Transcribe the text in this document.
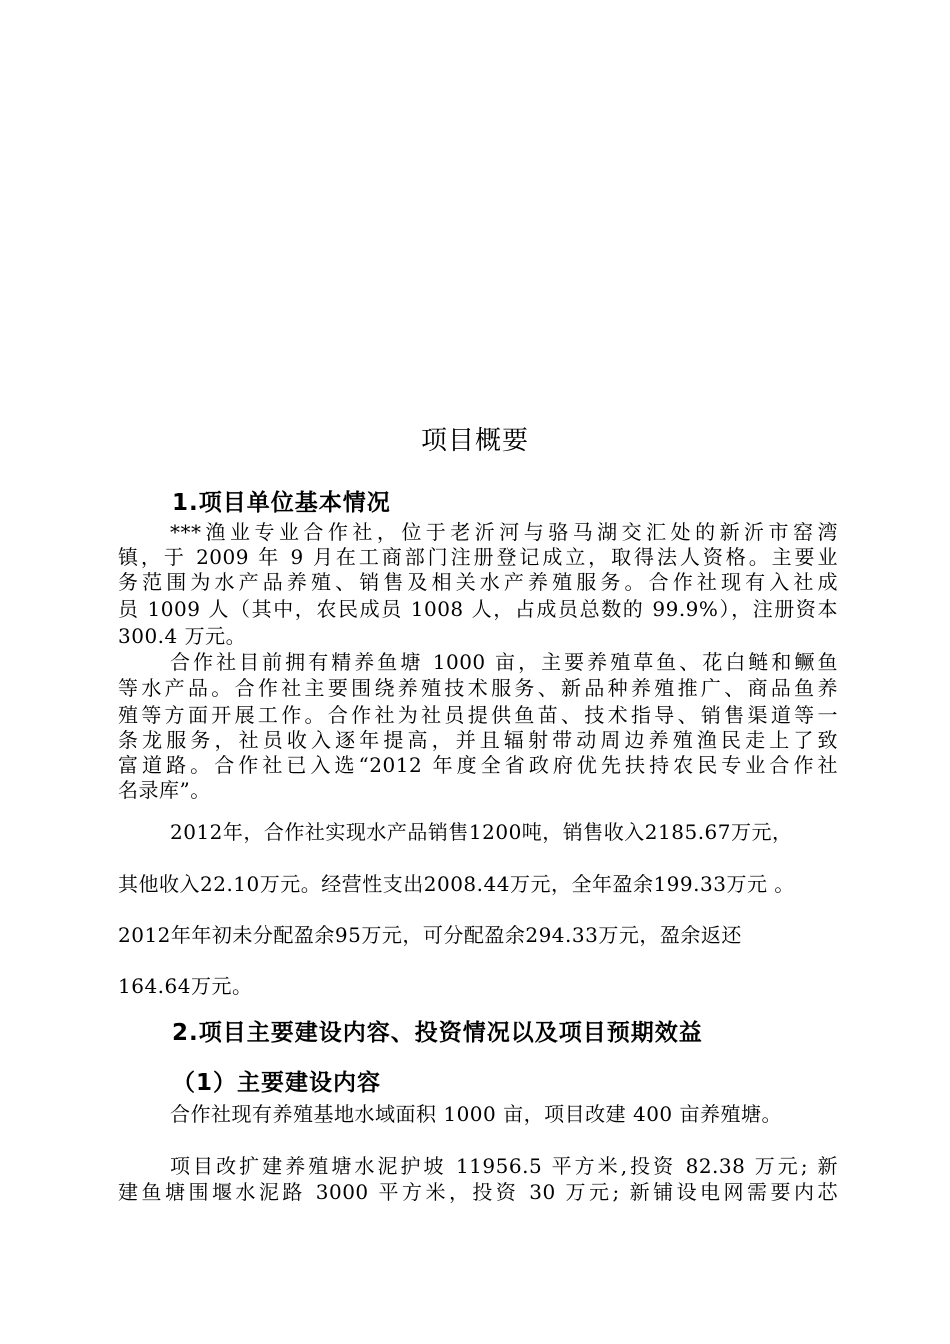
项目概要
1.项目单位基本情况
***渔业专业合作社，位于老沂河与骆马湖交汇处的新沂市窑湾
镇，于 2009 年 9 月在工商部门注册登记成立，取得法人资格。主要业
务范围为水产品养殖、销售及相关水产养殖服务。合作社现有入社成
员 1009 人（其中，农民成员 1008 人，占成员总数的 99.9%），注册资本
300.4 万元。
合作社目前拥有精养鱼塘 1000 亩，主要养殖草鱼、花白鲢和鳜鱼
等水产品。合作社主要围绕养殖技术服务、新品种养殖推广、商品鱼养
殖等方面开展工作。合作社为社员提供鱼苗、技术指导、销售渠道等一
条龙服务，社员收入逐年提高，并且辐射带动周边养殖渔民走上了致
富道路。合作社已入选“2012 年度全省政府优先扶持农民专业合作社
名录库”。
2012年，合作社实现水产品销售1200吨，销售收入2185.67万元，
其他收入22.10万元。经营性支出2008.44万元，全年盈余199.33万元 。
2012年年初未分配盈余95万元，可分配盈余294.33万元，盈余返还
164.64万元。
2.项目主要建设内容、投资情况以及项目预期效益
（1）主要建设内容
合作社现有养殖基地水域面积 1000 亩，项目改建 400 亩养殖塘。
项目改扩建养殖塘水泥护坡 11956.5 平方米,投资 82.38 万元; 新
建鱼塘围堰水泥路 3000 平方米，投资 30 万元; 新铺设电网需要内芯
